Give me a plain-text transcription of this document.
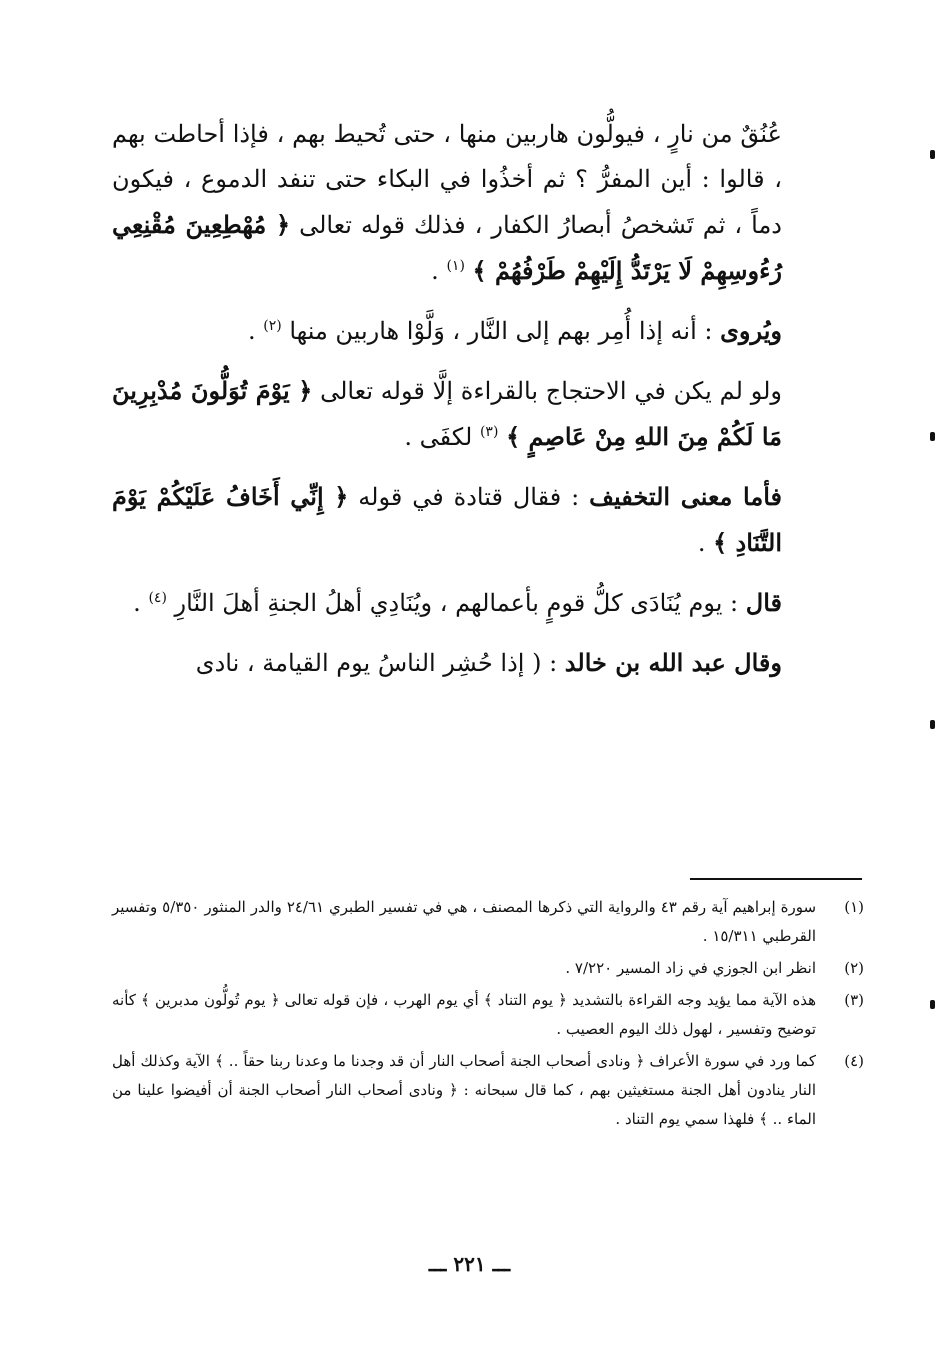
عُنُقٌ من نارٍ ، فيولُّون هاربين منها ، حتى تُحيط بهم ، فإذا أحاطت بهم ، قالوا : أين المفرُّ ؟ ثم أخذُوا في البكاء حتى تنفد الدموع ، فيكون دماً ، ثم تَشخصُ أبصارُ الكفار ، فذلك قوله تعالى ﴿ مُهْطِعِينَ مُقْنِعِي رُءُوسِهِمْ لَا يَرْتَدُّ إِلَيْهِمْ طَرْفُهُمْ ﴾ $^{(١)}$ .

ويُروى : أنه إذا أُمِر بهم إلى النَّار ، وَلَّوْا هاربين منها $^{(٢)}$ .

ولو لم يكن في الاحتجاج بالقراءة إلَّا قوله تعالى ﴿ يَوْمَ تُوَلُّونَ مُدْبِرِينَ مَا لَكُمْ مِنَ اللهِ مِنْ عَاصِمٍ ﴾ $^{(٣)}$ لكفَى .

فأما معنى التخفيف : فقال قتادة في قوله ﴿ إِنِّي أَخَافُ عَلَيْكُمْ يَوْمَ التَّنَادِ ﴾ .

قال : يوم يُنَادَى كلُّ قومٍ بأعمالهم ، ويُنَادِي أهلُ الجنةِ أهلَ النَّارِ $^{(٤)}$ .

وقال عبد الله بن خالد : ( إذا حُشِر الناسُ يوم القيامة ، نادى

(١)
سورة إبراهيم آية رقم ٤٣ والرواية التي ذكرها المصنف ، هي في تفسير الطبري ٢٤/٦١ والدر المنثور ٥/٣٥٠ وتفسير القرطبي ١٥/٣١١ .
(٢)
انظر ابن الجوزي في زاد المسير ٧/٢٢٠ .
(٣)
هذه الآية مما يؤيد وجه القراءة بالتشديد ﴿ يوم التناد ﴾ أي يوم الهرب ، فإن قوله تعالى ﴿ يوم تُولُّون مدبرين ﴾ كأنه توضيح وتفسير ، لهول ذلك اليوم العصيب .
(٤)
كما ورد في سورة الأعراف ﴿ ونادى أصحاب الجنة أصحاب النار أن قد وجدنا ما وعدنا ربنا حقاً .. ﴾ الآية وكذلك أهل النار ينادون أهل الجنة مستغيثين بهم ، كما قال سبحانه : ﴿ ونادى أصحاب النار أصحاب الجنة أن أفيضوا علينا من الماء .. ﴾ فلهذا سمي يوم التناد .
ـــ ٢٢١ ـــ
